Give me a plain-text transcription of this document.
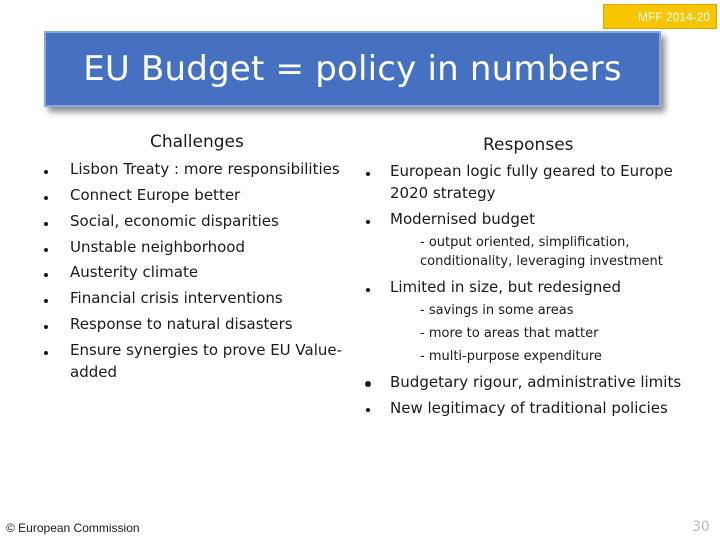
MFF 2014-20
EU Budget = policy in numbers
Challenges
Lisbon Treaty : more responsibilities
Connect Europe better
Social, economic disparities
Unstable neighborhood
Austerity climate
Financial crisis interventions
Response to natural disasters
Ensure synergies to prove EU Value-
added
Responses
European logic fully geared to Europe
2020 strategy
Modernised budget
- output oriented, simplification,
conditionality, leveraging investment
Limited in size, but redesigned
- savings in some areas
- more to areas that matter
- multi-purpose expenditure
Budgetary rigour, administrative limits
New legitimacy of traditional policies
© European Commission	30
